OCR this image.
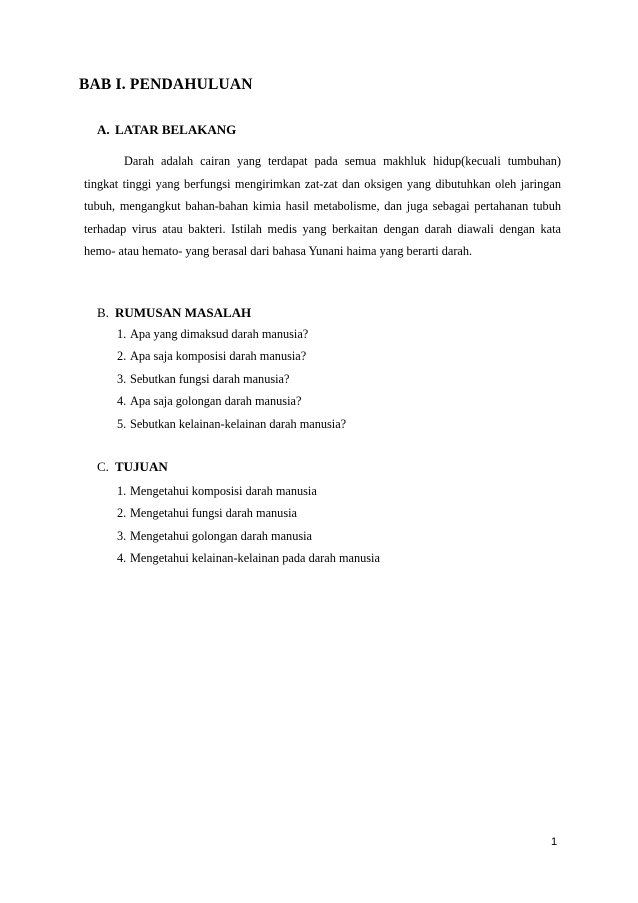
BAB I. PENDAHULUAN
A. LATAR BELAKANG

Darah adalah cairan yang terdapat pada semua makhluk hidup(kecuali tumbuhan) tingkat tinggi yang berfungsi mengirimkan zat-zat dan oksigen yang dibutuhkan oleh jaringan tubuh, mengangkut bahan-bahan kimia hasil metabolisme, dan juga sebagai pertahanan tubuh terhadap virus atau bakteri. Istilah medis yang berkaitan dengan darah diawali dengan kata hemo- atau hemato- yang berasal dari bahasa Yunani haima yang berarti darah.

B. RUMUSAN MASALAH
1. Apa yang dimaksud darah manusia?
2. Apa saja komposisi darah manusia?
3. Sebutkan fungsi darah manusia?
4. Apa saja golongan darah manusia?
5. Sebutkan kelainan-kelainan darah manusia?
C. TUJUAN
1. Mengetahui komposisi darah manusia
2. Mengetahui fungsi darah manusia
3. Mengetahui golongan darah manusia
4. Mengetahui kelainan-kelainan pada darah manusia

1
